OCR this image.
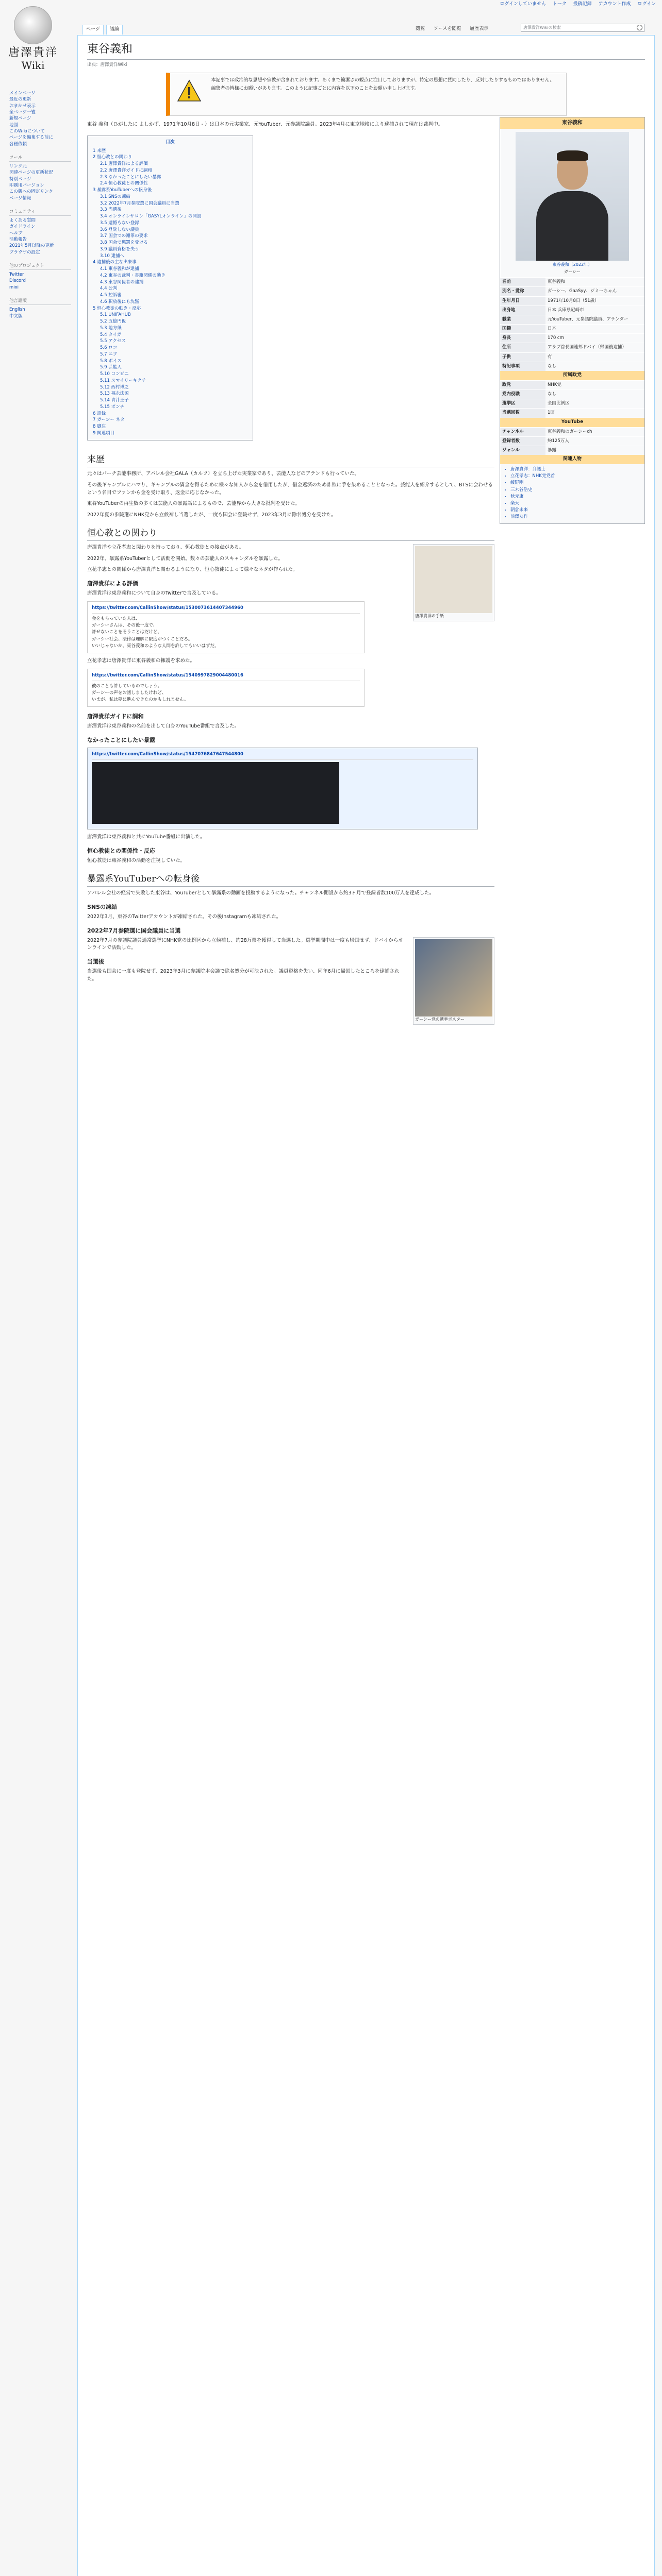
ログインしていません トーク 投稿記録 アカウント作成 ログイン
ページ 議論	閲覧 ソースを閲覧 履歴表示	唐澤貴洋Wikiの検索
唐澤貴洋
Wiki
メインページ
最近の更新
おまかせ表示
全ページ一覧
新規ページ
地図
このWikiについて
ページを編集する前に
各種依頼
ツール
リンク元
関連ページの更新状況
特別ページ
印刷用バージョン
この版への固定リンク
ページ情報
コミュニティ
よくある質問
ガイドライン
ヘルプ
活動報告
2021年5月以降の更新
ブラウザの設定
他のプロジェクト
Twitter
Discord
mixi
他言語版
English
中文版
東谷義和
出典：唐澤貴洋Wiki

本記事では政治的な思想や宗教が含まれております。あくまで簡潔さの観点に注目しておりますが、特定の思想に賛同したり、反対したりするものではありません。

編集者の皆様にお願いがあります。このように記事ごとに内容を以下のことをお願い申し上げます。

東谷義和
東谷義和（2022年）
ガーシー
名前	東谷義和
別名・愛称	ガーシー、GaaSyy、ジミーちゃん
生年月日	1971年10月8日（51歳）
出身地	日本 兵庫県尼崎市
職業	元YouTuber、元参議院議員、アテンダー
国籍	日本
身長	170 cm
住所	アラブ首長国連邦ドバイ（帰国後逮捕）
子供	有
特記事項	なし
所属政党
政党	NHK党
党内役職	なし
選挙区	全国比例区
当選回数	1回
YouTube
チャンネル	東谷義和のガーシーch
登録者数	約125万人
ジャンル	暴露
関連人物
• 唐澤貴洋：弁護士
• 立花孝志：NHK党党首
• 綾野剛
• 三木谷浩史
• 秋元康
• 楽天
• 朝倉未来
• 前澤友作

東谷 義和（ひがしたに よしかず、1971年10月8日 - ）は日本の元実業家、元YouTuber、元参議院議員。2023年4月に東京地検により逮捕されて現在は裁判中。

目次
1 来歴
2 恒心教との関わり
2.1 唐澤貴洋による評価
2.2 唐澤貴洋ガイドに調和
2.3 なかったことにしたい暴露
2.4 恒心教徒との関係性
3 暴露系YouTuberへの転身後
3.1 SNSの凍結
3.2 2022年7月参院選に国会議員に当選
3.3 当選後
3.4 オンラインサロン「GASYLオンライン」の開設
3.5 遺憾もない登録
3.6 登院しない議員
3.7 国会での謝罪の要求
3.8 国会で懲罰を受ける
3.9 議員資格を失う
3.10 逮捕へ
4 逮捕後の主な出来事
4.1 東谷義和が逮捕
4.2 東谷の裁判・書籍関係の動き
4.3 東谷関係者の逮捕
4.4 公判
4.5 控訴審
4.6 釈放後にも沈黙
5 恒心教徒の動き・反応
5.1 UNIFAHUB
5.2 五億円仮
5.3 地方紙
5.4 タイガ
5.5 アクセス
5.6 ロコ
5.7 ニブ
5.8 ボイス
5.9 芸能人
5.10 コンビニ
5.11 スマイリーキクチ
5.12 西村博之
5.13 福永法源
5.14 青汁王子
5.15 ポンチ
6 語録
7 ガーシー ネタ
8 脚注
9 関連項目
来歴

元々はパーチ芸能事務所、アパレル会社GALA（カルフ）を立ち上げた実業家であり、芸能人などのアテンドも行っていた。

その後ギャンブルにハマり、ギャンブルの資金を得るために様々な知人から金を借用したが、借金返済のため詐欺に手を染めることとなった。芸能人を紹介するとして、BTSに会わせるという名目でファンから金を受け取り、返金に応じなかった。

東谷YouTuberの再生数の多くは芸能人の暴露話によるもので、芸能界から大きな批判を受けた。

2022年夏の参院選にNHK党から立候補し当選したが、一度も国会に登院せず、2023年3月に除名処分を受けた。

恒心教との関わり
唐澤貴洋の手紙

唐澤貴洋や立花孝志と関わりを持っており、恒心教徒との接点がある。

2022年、暴露系YouTuberとして活動を開始。数々の芸能人のスキャンダルを暴露した。

立花孝志との関係から唐澤貴洋と関わるようになり、恒心教徒によって様々なネタが作られた。

唐澤貴洋による評価

唐澤貴洋は東谷義和について自身のTwitterで言及している。

https://twitter.com/CallinShow/status/1530073614407344960
金をもらっていた人は、
ガーシーさんは、その後一度で、
許せないことをそうことはだけど、
ガーシー社会、法律は理解に限度がつくことだろ。
いいじゃないか、東谷義和のような人間を許してもいいはずだ。

立花孝志は唐澤貴洋に東谷義和の擁護を求めた。

https://twitter.com/CallinShow/status/1540997829004480016
彼のことも許しているのでしょう。
ガーシーの声をお話しましたけれど、
いまが、私は夢に進んできたのかもしれません。
唐澤貴洋ガイドに調和

唐澤貴洋は東谷義和の名前を出して自身のYouTube番組で言及した。

なかったことにしたい暴露
https://twitter.com/CallinShow/status/1547076847647544800

唐澤貴洋は東谷義和と共にYouTube番組に出演した。

恒心教徒との関係性・反応

恒心教徒は東谷義和の活動を注視していた。

暴露系YouTuberへの転身後

アパレル会社の経営で失敗した東谷は、YouTuberとして暴露系の動画を投稿するようになった。チャンネル開設から約3ヶ月で登録者数100万人を達成した。

SNSの凍結

2022年3月、東谷のTwitterアカウントが凍結された。その後Instagramも凍結された。

2022年7月参院選に国会議員に当選
ガーシー党の選挙ポスター

2022年7月の参議院議員通常選挙にNHK党の比例区から立候補し、約28万票を獲得して当選した。選挙期間中は一度も帰国せず、ドバイからオンラインで活動した。

当選後

当選後も国会に一度も登院せず、2023年3月に参議院本会議で除名処分が可決された。議員資格を失い、同年6月に帰国したところを逮捕された。
